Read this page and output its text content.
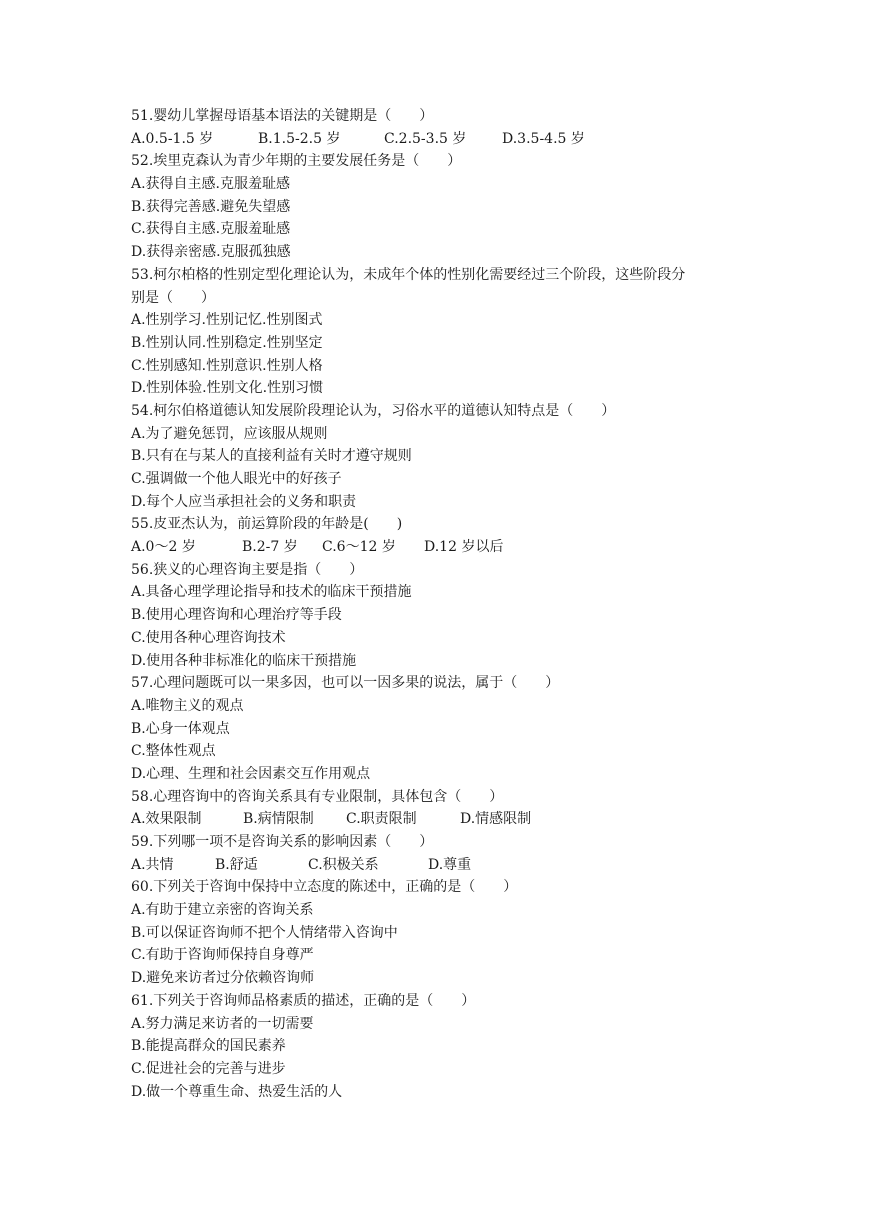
51.婴幼儿掌握母语基本语法的关键期是（　　）
A.0.5-1.5 岁	B.1.5-2.5 岁	C.2.5-3.5 岁	D.3.5-4.5 岁
52.埃里克森认为青少年期的主要发展任务是（　　）
A.获得自主感.克服羞耻感
B.获得完善感.避免失望感
C.获得自主感.克服羞耻感
D.获得亲密感.克服孤独感
53.柯尔柏格的性别定型化理论认为，未成年个体的性别化需要经过三个阶段，这些阶段分
别是（　　）
A.性别学习.性别记忆.性别图式
B.性别认同.性别稳定.性别坚定
C.性别感知.性别意识.性别人格
D.性别体验.性别文化.性别习惯
54.柯尔伯格道德认知发展阶段理论认为，习俗水平的道德认知特点是（　　）
A.为了避免惩罚，应该服从规则
B.只有在与某人的直接利益有关时才遵守规则
C.强调做一个他人眼光中的好孩子
D.每个人应当承担社会的义务和职责
55.皮亚杰认为，前运算阶段的年龄是(　　)
A.0～2 岁	B.2-7 岁	C.6～12 岁	D.12 岁以后
56.狭义的心理咨询主要是指（　　）
A.具备心理学理论指导和技术的临床干预措施
B.使用心理咨询和心理治疗等手段
C.使用各种心理咨询技术
D.使用各种非标准化的临床干预措施
57.心理问题既可以一果多因，也可以一因多果的说法，属于（　　）
A.唯物主义的观点
B.心身一体观点
C.整体性观点
D.心理、生理和社会因素交互作用观点
58.心理咨询中的咨询关系具有专业限制，具体包含（　　）
A.效果限制	B.病情限制	C.职责限制	D.情感限制
59.下列哪一项不是咨询关系的影响因素（　　）
A.共情	B.舒适	C.积极关系	D.尊重
60.下列关于咨询中保持中立态度的陈述中，正确的是（　　）
A.有助于建立亲密的咨询关系
B.可以保证咨询师不把个人情绪带入咨询中
C.有助于咨询师保持自身尊严
D.避免来访者过分依赖咨询师
61.下列关于咨询师品格素质的描述，正确的是（　　）
A.努力满足来访者的一切需要
B.能提高群众的国民素养
C.促进社会的完善与进步
D.做一个尊重生命、热爱生活的人
